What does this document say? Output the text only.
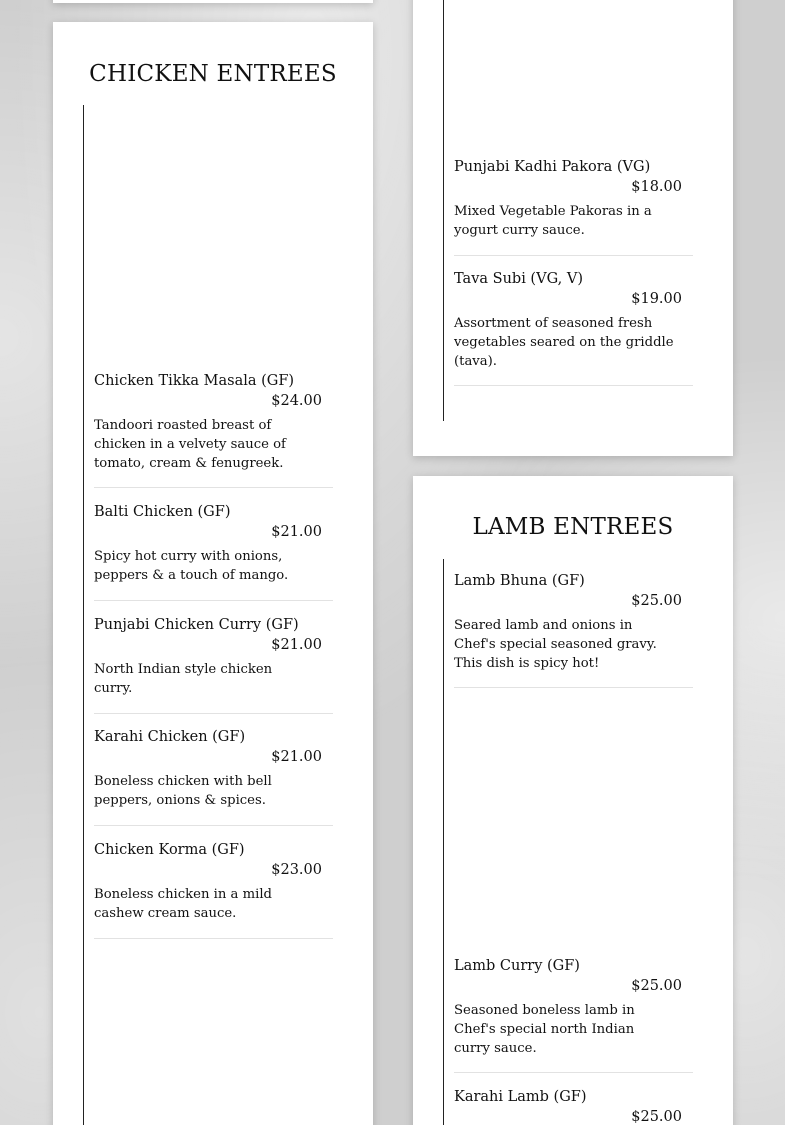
CHICKEN ENTREES
Chicken Tikka Masala (GF)
$24.00
Tandoori roasted breast of chicken in a velvety sauce of tomato, cream & fenugreek.
Balti Chicken (GF)
$21.00
Spicy hot curry with onions, peppers & a touch of mango.
Punjabi Chicken Curry (GF)
$21.00
North Indian style chicken curry.
Karahi Chicken (GF)
$21.00
Boneless chicken with bell peppers, onions & spices.
Chicken Korma (GF)
$23.00
Boneless chicken in a mild cashew cream sauce.
Punjabi Kadhi Pakora (VG)
$18.00
Mixed Vegetable Pakoras in a yogurt curry sauce.
Tava Subi (VG, V)
$19.00
Assortment of seasoned fresh vegetables seared on the griddle (tava).
LAMB ENTREES
Lamb Bhuna (GF)
$25.00
Seared lamb and onions in Chef's special seasoned gravy. This dish is spicy hot!
Lamb Curry (GF)
$25.00
Seasoned boneless lamb in Chef's special north Indian curry sauce.
Karahi Lamb (GF)
$25.00
